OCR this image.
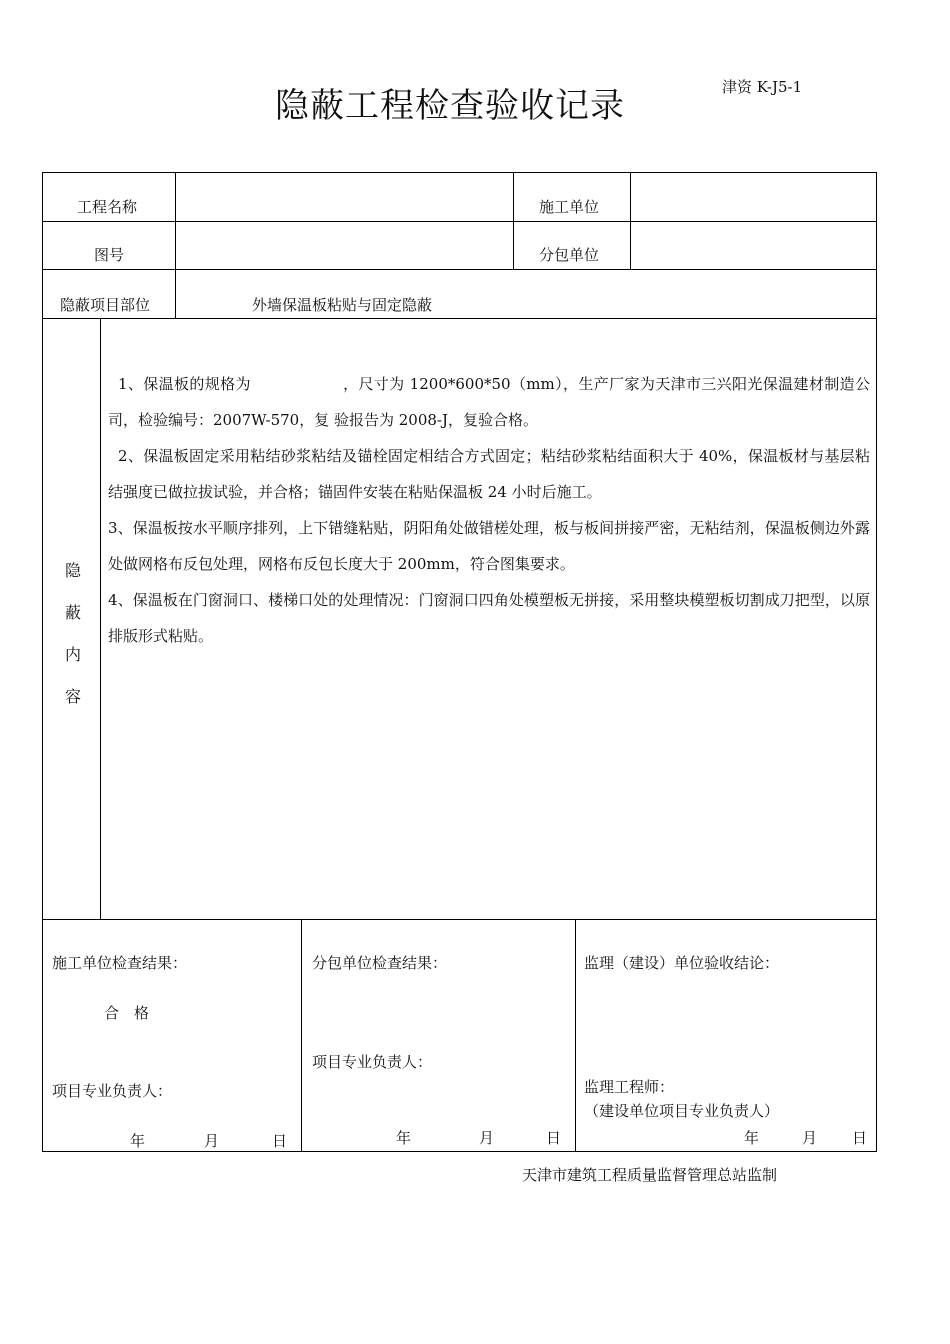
隐蔽工程检查验收记录	津资 K-J5-1
工程名称	施工单位
图号	分包单位
隐蔽项目部位	外墙保温板粘贴与固定隐蔽
隐
蔽
内
容

1、保温板的规格为　　　　　　，尺寸为 1200*600*50（mm），生产厂家为天津市三兴阳光保温建材制造公司，检验编号：2007W-570，复 验报告为 2008-J，复验合格。

2、保温板固定采用粘结砂浆粘结及锚栓固定相结合方式固定；粘结砂浆粘结面积大于 40%，保温板材与基层粘结强度已做拉拔试验，并合格；锚固件安装在粘贴保温板 24 小时后施工。

3、保温板按水平顺序排列，上下错缝粘贴，阴阳角处做错槎处理，板与板间拼接严密，无粘结剂，保温板侧边外露处做网格布反包处理，网格布反包长度大于 200mm，符合图集要求。

4、保温板在门窗洞口、楼梯口处的处理情况：门窗洞口四角处模塑板无拼接，采用整块模塑板切割成刀把型，以原排版形式粘贴。

施工单位检查结果：
合　格
项目专业负责人：
年	月	日
分包单位检查结果：
项目专业负责人：
年	月	日
监理（建设）单位验收结论：
监理工程师：
（建设单位项目专业负责人）
年	月 日
天津市建筑工程质量监督管理总站监制
